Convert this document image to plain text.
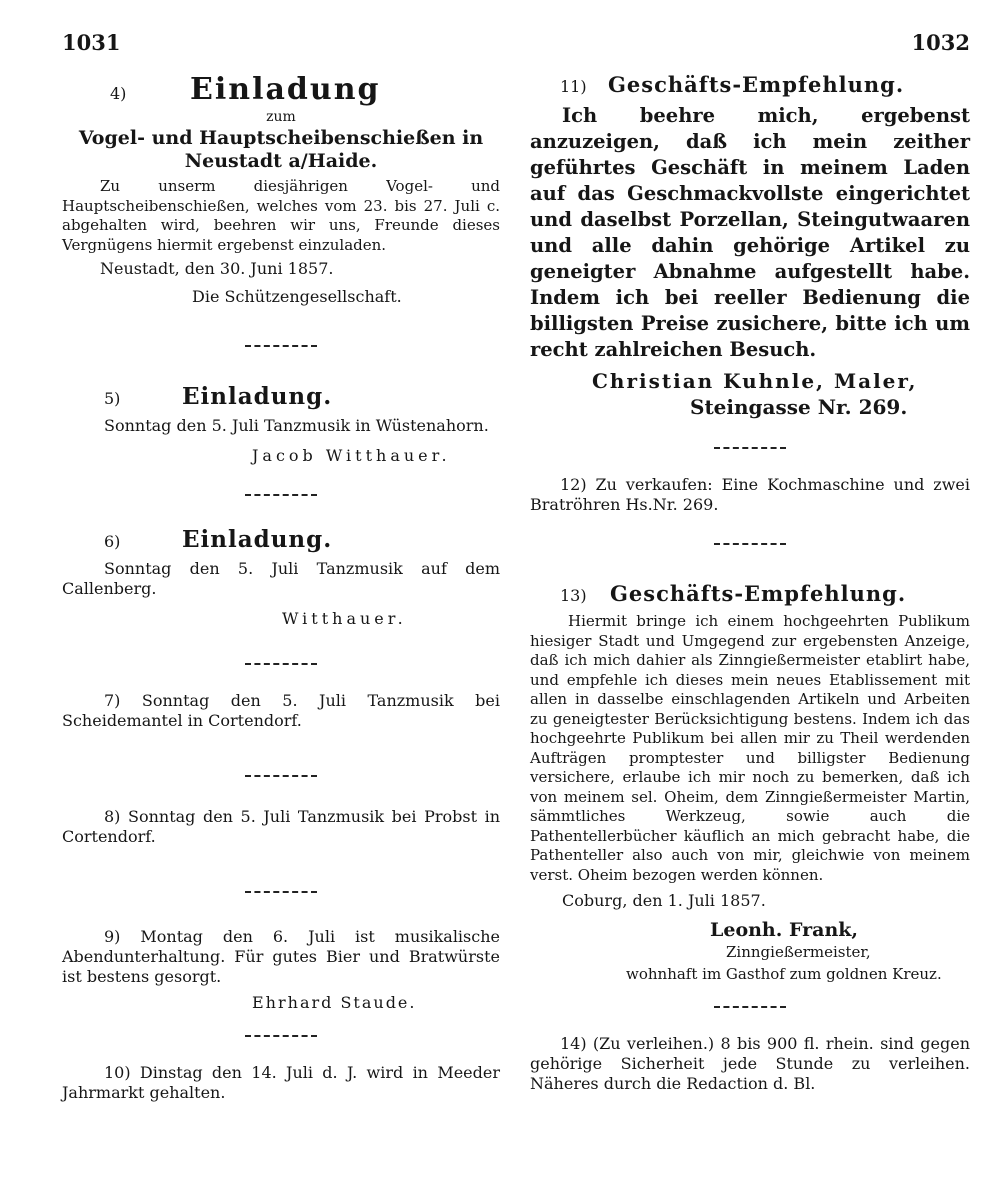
1031	1032
4)	Einladung
zum
Vogel- und Hauptscheibenschießen in Neustadt a/Haide.

Zu unserm diesjährigen Vogel- und Hauptscheibenschießen, welches vom 23. bis 27. Juli c. abgehalten wird, beehren wir uns, Freunde dieses Vergnügens hiermit ergebenst einzuladen.

Neustadt, den 30. Juni 1857.
Die Schützengesellschaft.
5)	Einladung.

Sonntag den 5. Juli Tanzmusik in Wüstenahorn.

Jacob Witthauer.
6)	Einladung.

Sonntag den 5. Juli Tanzmusik auf dem Callenberg.

Witthauer.

7) Sonntag den 5. Juli Tanzmusik bei Scheidemantel in Cortendorf.

8) Sonntag den 5. Juli Tanzmusik bei Probst in Cortendorf.

9) Montag den 6. Juli ist musikalische Abendunterhaltung. Für gutes Bier und Bratwürste ist bestens gesorgt.

Ehrhard Staude.

10) Dinstag den 14. Juli d. J. wird in Meeder Jahrmarkt gehalten.

11)	Geschäfts-Empfehlung.

Ich beehre mich, ergebenst anzuzeigen, daß ich mein zeither geführtes Geschäft in meinem Laden auf das Geschmackvollste eingerichtet und daselbst Porzellan, Steingutwaaren und alle dahin gehörige Artikel zu geneigter Abnahme aufgestellt habe. Indem ich bei reeller Bedienung die billigsten Preise zusichere, bitte ich um recht zahlreichen Besuch.

Christian Kuhnle, Maler,
Steingasse Nr. 269.

12) Zu verkaufen: Eine Kochmaschine und zwei Bratröhren Hs.Nr. 269.

13)	Geschäfts-Empfehlung.

Hiermit bringe ich einem hochgeehrten Publikum hiesiger Stadt und Umgegend zur ergebensten Anzeige, daß ich mich dahier als Zinngießermeister etablirt habe, und empfehle ich dieses mein neues Etablissement mit allen in dasselbe einschlagenden Artikeln und Arbeiten zu geneigtester Berücksichtigung bestens. Indem ich das hochgeehrte Publikum bei allen mir zu Theil werdenden Aufträgen promptester und billigster Bedienung versichere, erlaube ich mir noch zu bemerken, daß ich von meinem sel. Oheim, dem Zinngießermeister Martin, sämmtliches Werkzeug, sowie auch die Pathentellerbücher käuflich an mich gebracht habe, die Pathenteller also auch von mir, gleichwie von meinem verst. Oheim bezogen werden können.

Coburg, den 1. Juli 1857.
Leonh. Frank,
Zinngießermeister,
wohnhaft im Gasthof zum goldnen Kreuz.

14) (Zu verleihen.) 8 bis 900 fl. rhein. sind gegen gehörige Sicherheit jede Stunde zu verleihen. Näheres durch die Redaction d. Bl.
